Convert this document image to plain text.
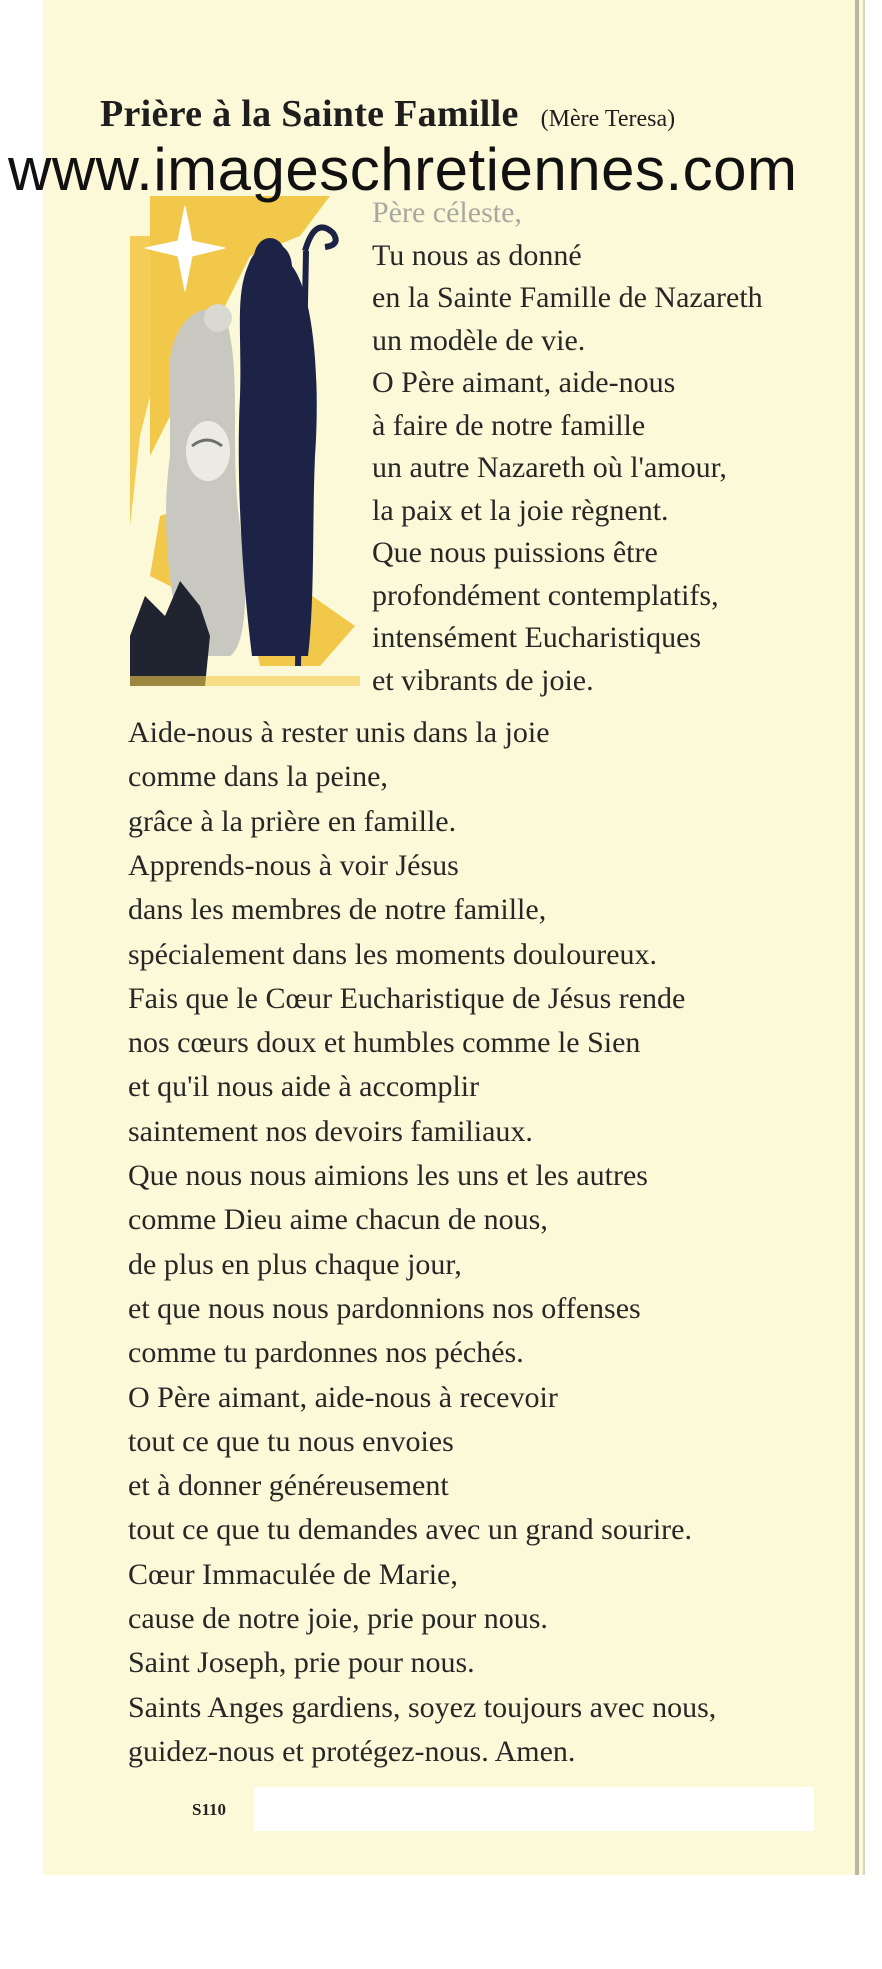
Prière à la Sainte Famille (Mère Teresa)
www.imageschretiennes.com
Père céleste,
Tu nous as donné
en la Sainte Famille de Nazareth
un modèle de vie.
O Père aimant, aide-nous
à faire de notre famille
un autre Nazareth où l'amour,
la paix et la joie règnent.
Que nous puissions être
profondément contemplatifs,
intensément Eucharistiques
et vibrants de joie.
Aide-nous à rester unis dans la joie
comme dans la peine,
grâce à la prière en famille.
Apprends-nous à voir Jésus
dans les membres de notre famille,
spécialement dans les moments douloureux.
Fais que le Cœur Eucharistique de Jésus rende
nos cœurs doux et humbles comme le Sien
et qu'il nous aide à accomplir
saintement nos devoirs familiaux.
Que nous nous aimions les uns et les autres
comme Dieu aime chacun de nous,
de plus en plus chaque jour,
et que nous nous pardonnions nos offenses
comme tu pardonnes nos péchés.
O Père aimant, aide-nous à recevoir
tout ce que tu nous envoies
et à donner généreusement
tout ce que tu demandes avec un grand sourire.
Cœur Immaculée de Marie,
cause de notre joie, prie pour nous.
Saint Joseph, prie pour nous.
Saints Anges gardiens, soyez toujours avec nous,
guidez-nous et protégez-nous. Amen.
S110
